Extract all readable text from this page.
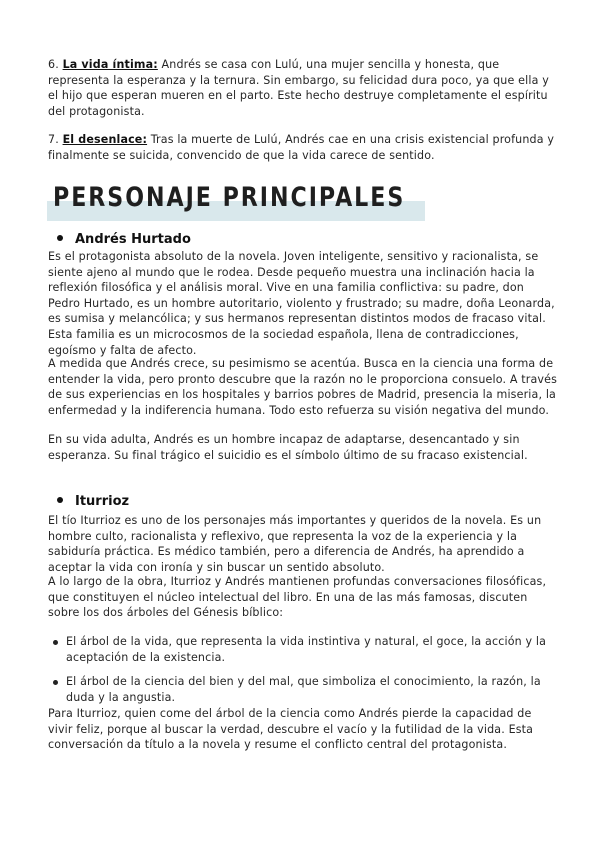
6. La vida íntima: Andrés se casa con Lulú, una mujer sencilla y honesta, que representa la esperanza y la ternura. Sin embargo, su felicidad dura poco, ya que ella y el hijo que esperan mueren en el parto. Este hecho destruye completamente el espíritu del protagonista.

7. El desenlace: Tras la muerte de Lulú, Andrés cae en una crisis existencial profunda y finalmente se suicida, convencido de que la vida carece de sentido.

PERSONAJE PRINCIPALES
Andrés Hurtado

Es el protagonista absoluto de la novela. Joven inteligente, sensitivo y racionalista, se siente ajeno al mundo que le rodea. Desde pequeño muestra una inclinación hacia la reflexión filosófica y el análisis moral. Vive en una familia conflictiva: su padre, don Pedro Hurtado, es un hombre autoritario, violento y frustrado; su madre, doña Leonarda, es sumisa y melancólica; y sus hermanos representan distintos modos de fracaso vital. Esta familia es un microcosmos de la sociedad española, llena de contradicciones, egoísmo y falta de afecto.

A medida que Andrés crece, su pesimismo se acentúa. Busca en la ciencia una forma de entender la vida, pero pronto descubre que la razón no le proporciona consuelo. A través de sus experiencias en los hospitales y barrios pobres de Madrid, presencia la miseria, la enfermedad y la indiferencia humana. Todo esto refuerza su visión negativa del mundo.

En su vida adulta, Andrés es un hombre incapaz de adaptarse, desencantado y sin esperanza. Su final trágico el suicidio es el símbolo último de su fracaso existencial.

Iturrioz

El tío Iturrioz es uno de los personajes más importantes y queridos de la novela. Es un hombre culto, racionalista y reflexivo, que representa la voz de la experiencia y la sabiduría práctica. Es médico también, pero a diferencia de Andrés, ha aprendido a aceptar la vida con ironía y sin buscar un sentido absoluto.

A lo largo de la obra, Iturrioz y Andrés mantienen profundas conversaciones filosóficas, que constituyen el núcleo intelectual del libro. En una de las más famosas, discuten sobre los dos árboles del Génesis bíblico:

El árbol de la vida, que representa la vida instintiva y natural, el goce, la acción y la aceptación de la existencia.
El árbol de la ciencia del bien y del mal, que simboliza el conocimiento, la razón, la duda y la angustia.

Para Iturrioz, quien come del árbol de la ciencia como Andrés pierde la capacidad de vivir feliz, porque al buscar la verdad, descubre el vacío y la futilidad de la vida. Esta conversación da título a la novela y resume el conflicto central del protagonista.
